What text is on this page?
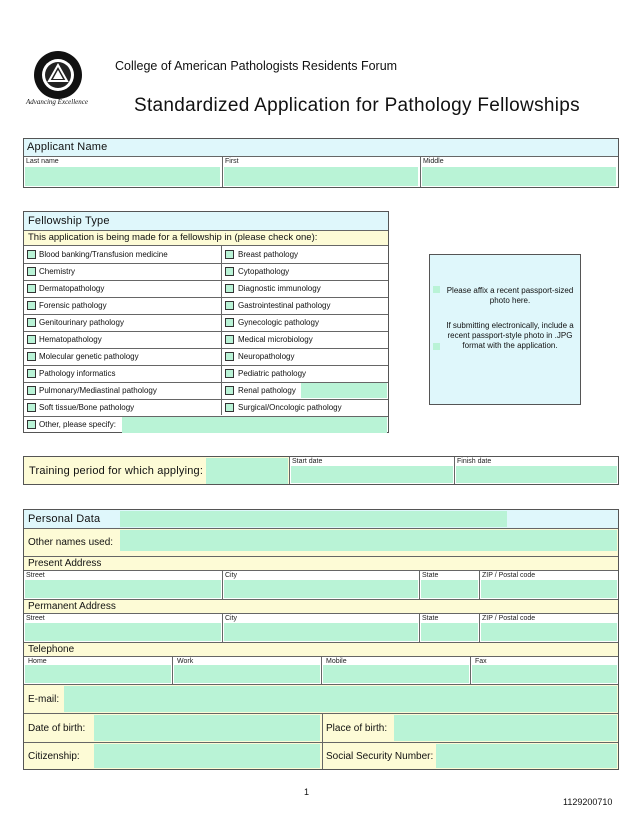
Advancing Excellence
College of American Pathologists Residents Forum
Standardized Application for Pathology Fellowships
Applicant Name
Last name	First	Middle
Fellowship Type
This application is being made for a fellowship in (please check one):
Blood banking/Transfusion medicine	Breast pathology
Chemistry	Cytopathology
Dermatopathology	Diagnostic immunology
Forensic pathology	Gastrointestinal pathology
Genitourinary pathology	Gynecologic pathology
Hematopathology	Medical microbiology
Molecular genetic pathology	Neuropathology
Pathology informatics	Pediatric pathology
Pulmonary/Mediastinal pathology	Renal pathology
Soft tissue/Bone pathology	Surgical/Oncologic pathology
Other, please specify:
Please affix a recent passport-sized photo here.
If submitting electronically, include a recent passport-style photo in .JPG format with the application.
Training period for which applying:
Start date	Finish date
Personal Data
Other names used:
Present Address
Street	City	State	ZIP / Postal code
Permanent Address
Street	City	State	ZIP / Postal code
Telephone
Home	Work	Mobile	Fax
E-mail:
Date of birth:	Place of birth:
Citizenship:	Social Security Number:
1
1129200710
